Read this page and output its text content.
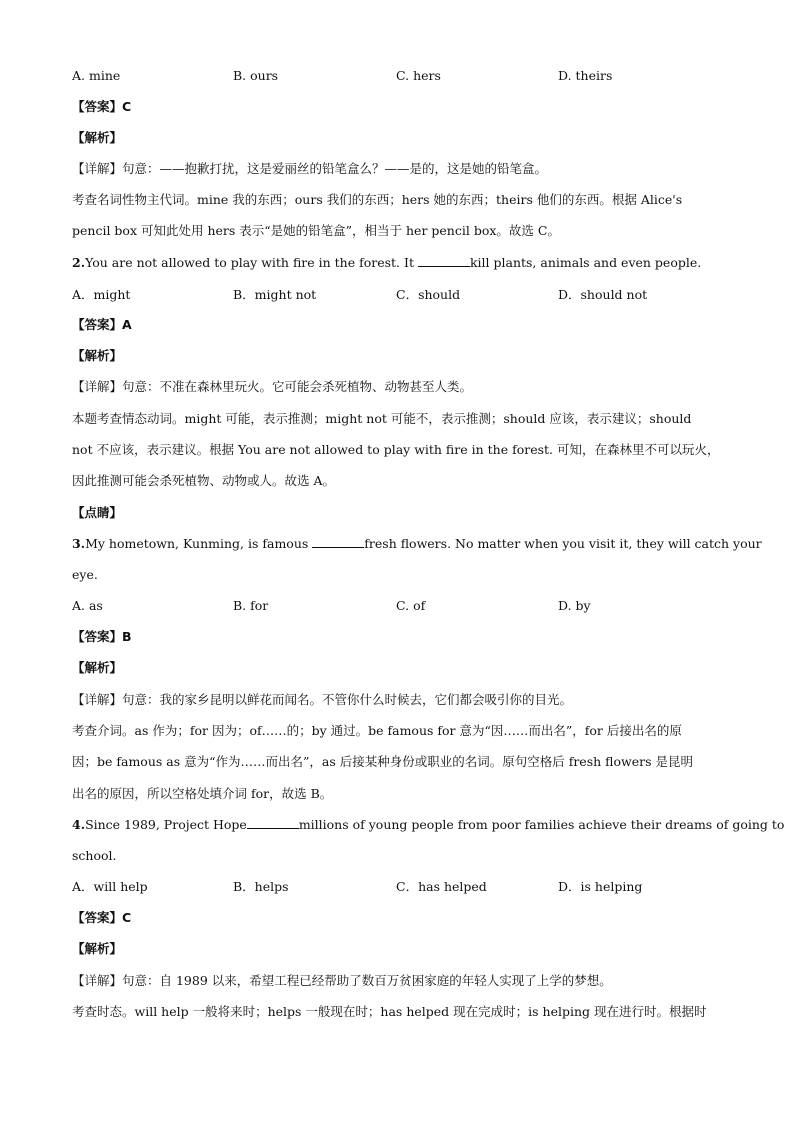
A. mine	B. ours	C. hers	D. theirs
【答案】C
【解析】
【详解】句意：——抱歉打扰，这是爱丽丝的铅笔盒么？——是的，这是她的铅笔盒。
考查名词性物主代词。mine 我的东西；ours 我们的东西；hers 她的东西；theirs 他们的东西。根据 Alice's
pencil box 可知此处用 hers 表示“是她的铅笔盒”，相当于 her pencil box。故选 C。
2.You are not allowed to play with fire in the forest. It	kill plants, animals and even people.
A．might	B．might not	C．should	D．should not
【答案】A
【解析】
【详解】句意：不准在森林里玩火。它可能会杀死植物、动物甚至人类。
本题考查情态动词。might 可能，表示推测；might not 可能不，表示推测；should 应该，表示建议；should
not 不应该，表示建议。根据 You are not allowed to play with fire in the forest. 可知，在森林里不可以玩火，
因此推测可能会杀死植物、动物或人。故选 A。
【点睛】
3.My hometown, Kunming, is famous	fresh flowers. No matter when you visit it, they will catch your
eye.
A. as	B. for	C. of	D. by
【答案】B
【解析】
【详解】句意：我的家乡昆明以鲜花而闻名。不管你什么时候去，它们都会吸引你的目光。
考查介词。as 作为；for 因为；of……的；by 通过。be famous for 意为“因……而出名”，for 后接出名的原
因；be famous as 意为“作为……而出名”，as 后接某种身份或职业的名词。原句空格后 fresh flowers 是昆明
出名的原因，所以空格处填介词 for，故选 B。
4.Since 1989, Project Hope	millions of young people from poor families achieve their dreams of going to
school.
A．will help	B．helps	C．has helped	D．is helping
【答案】C
【解析】
【详解】句意：自 1989 以来，希望工程已经帮助了数百万贫困家庭的年轻人实现了上学的梦想。
考查时态。will help 一般将来时；helps 一般现在时；has helped 现在完成时；is helping 现在进行时。根据时
